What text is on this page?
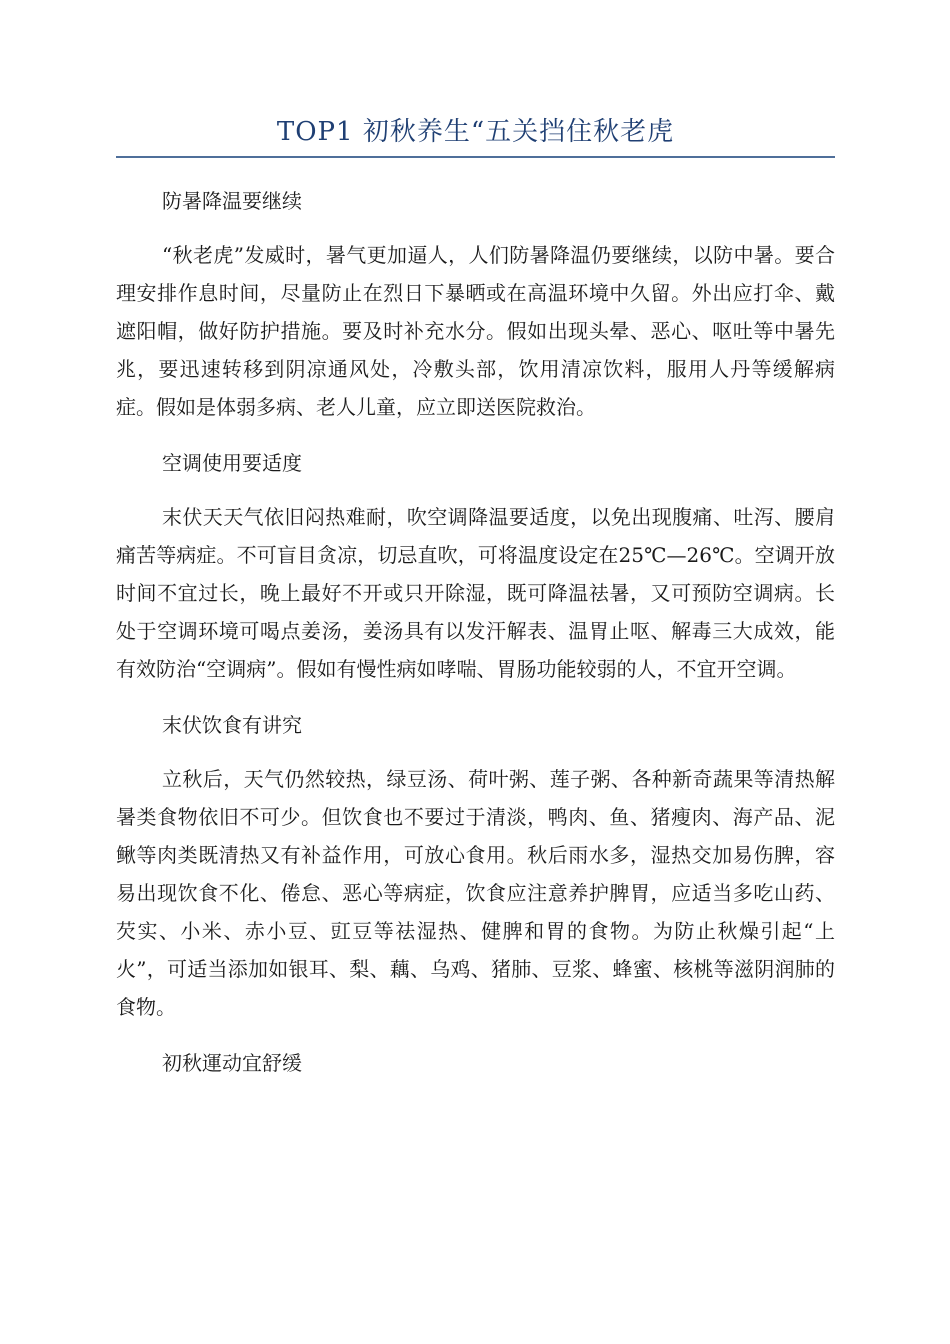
TOP1 初秋养生“五关挡住秋老虎
防暑降温要继续

“秋老虎”发威时，暑气更加逼人，人们防暑降温仍要继续，以防中暑。要合理安排作息时间，尽量防止在烈日下暴晒或在高温环境中久留。外出应打伞、戴遮阳帽，做好防护措施。要及时补充水分。假如出现头晕、恶心、呕吐等中暑先兆，要迅速转移到阴凉通风处，冷敷头部，饮用清凉饮料，服用人丹等缓解病症。假如是体弱多病、老人儿童，应立即送医院救治。

空调使用要适度

末伏天天气依旧闷热难耐，吹空调降温要适度，以免出现腹痛、吐泻、腰肩痛苦等病症。不可盲目贪凉，切忌直吹，可将温度设定在25℃—26℃。空调开放时间不宜过长，晚上最好不开或只开除湿，既可降温祛暑，又可预防空调病。长处于空调环境可喝点姜汤，姜汤具有以发汗解表、温胃止呕、解毒三大成效，能有效防治“空调病”。假如有慢性病如哮喘、胃肠功能较弱的人，不宜开空调。

末伏饮食有讲究

立秋后，天气仍然较热，绿豆汤、荷叶粥、莲子粥、各种新奇蔬果等清热解暑类食物依旧不可少。但饮食也不要过于清淡，鸭肉、鱼、猪瘦肉、海产品、泥鳅等肉类既清热又有补益作用，可放心食用。秋后雨水多，湿热交加易伤脾，容易出现饮食不化、倦怠、恶心等病症，饮食应注意养护脾胃，应适当多吃山药、芡实、小米、赤小豆、豇豆等祛湿热、健脾和胃的食物。为防止秋燥引起“上火”，可适当添加如银耳、梨、藕、乌鸡、猪肺、豆浆、蜂蜜、核桃等滋阴润肺的食物。

初秋運动宜舒缓
